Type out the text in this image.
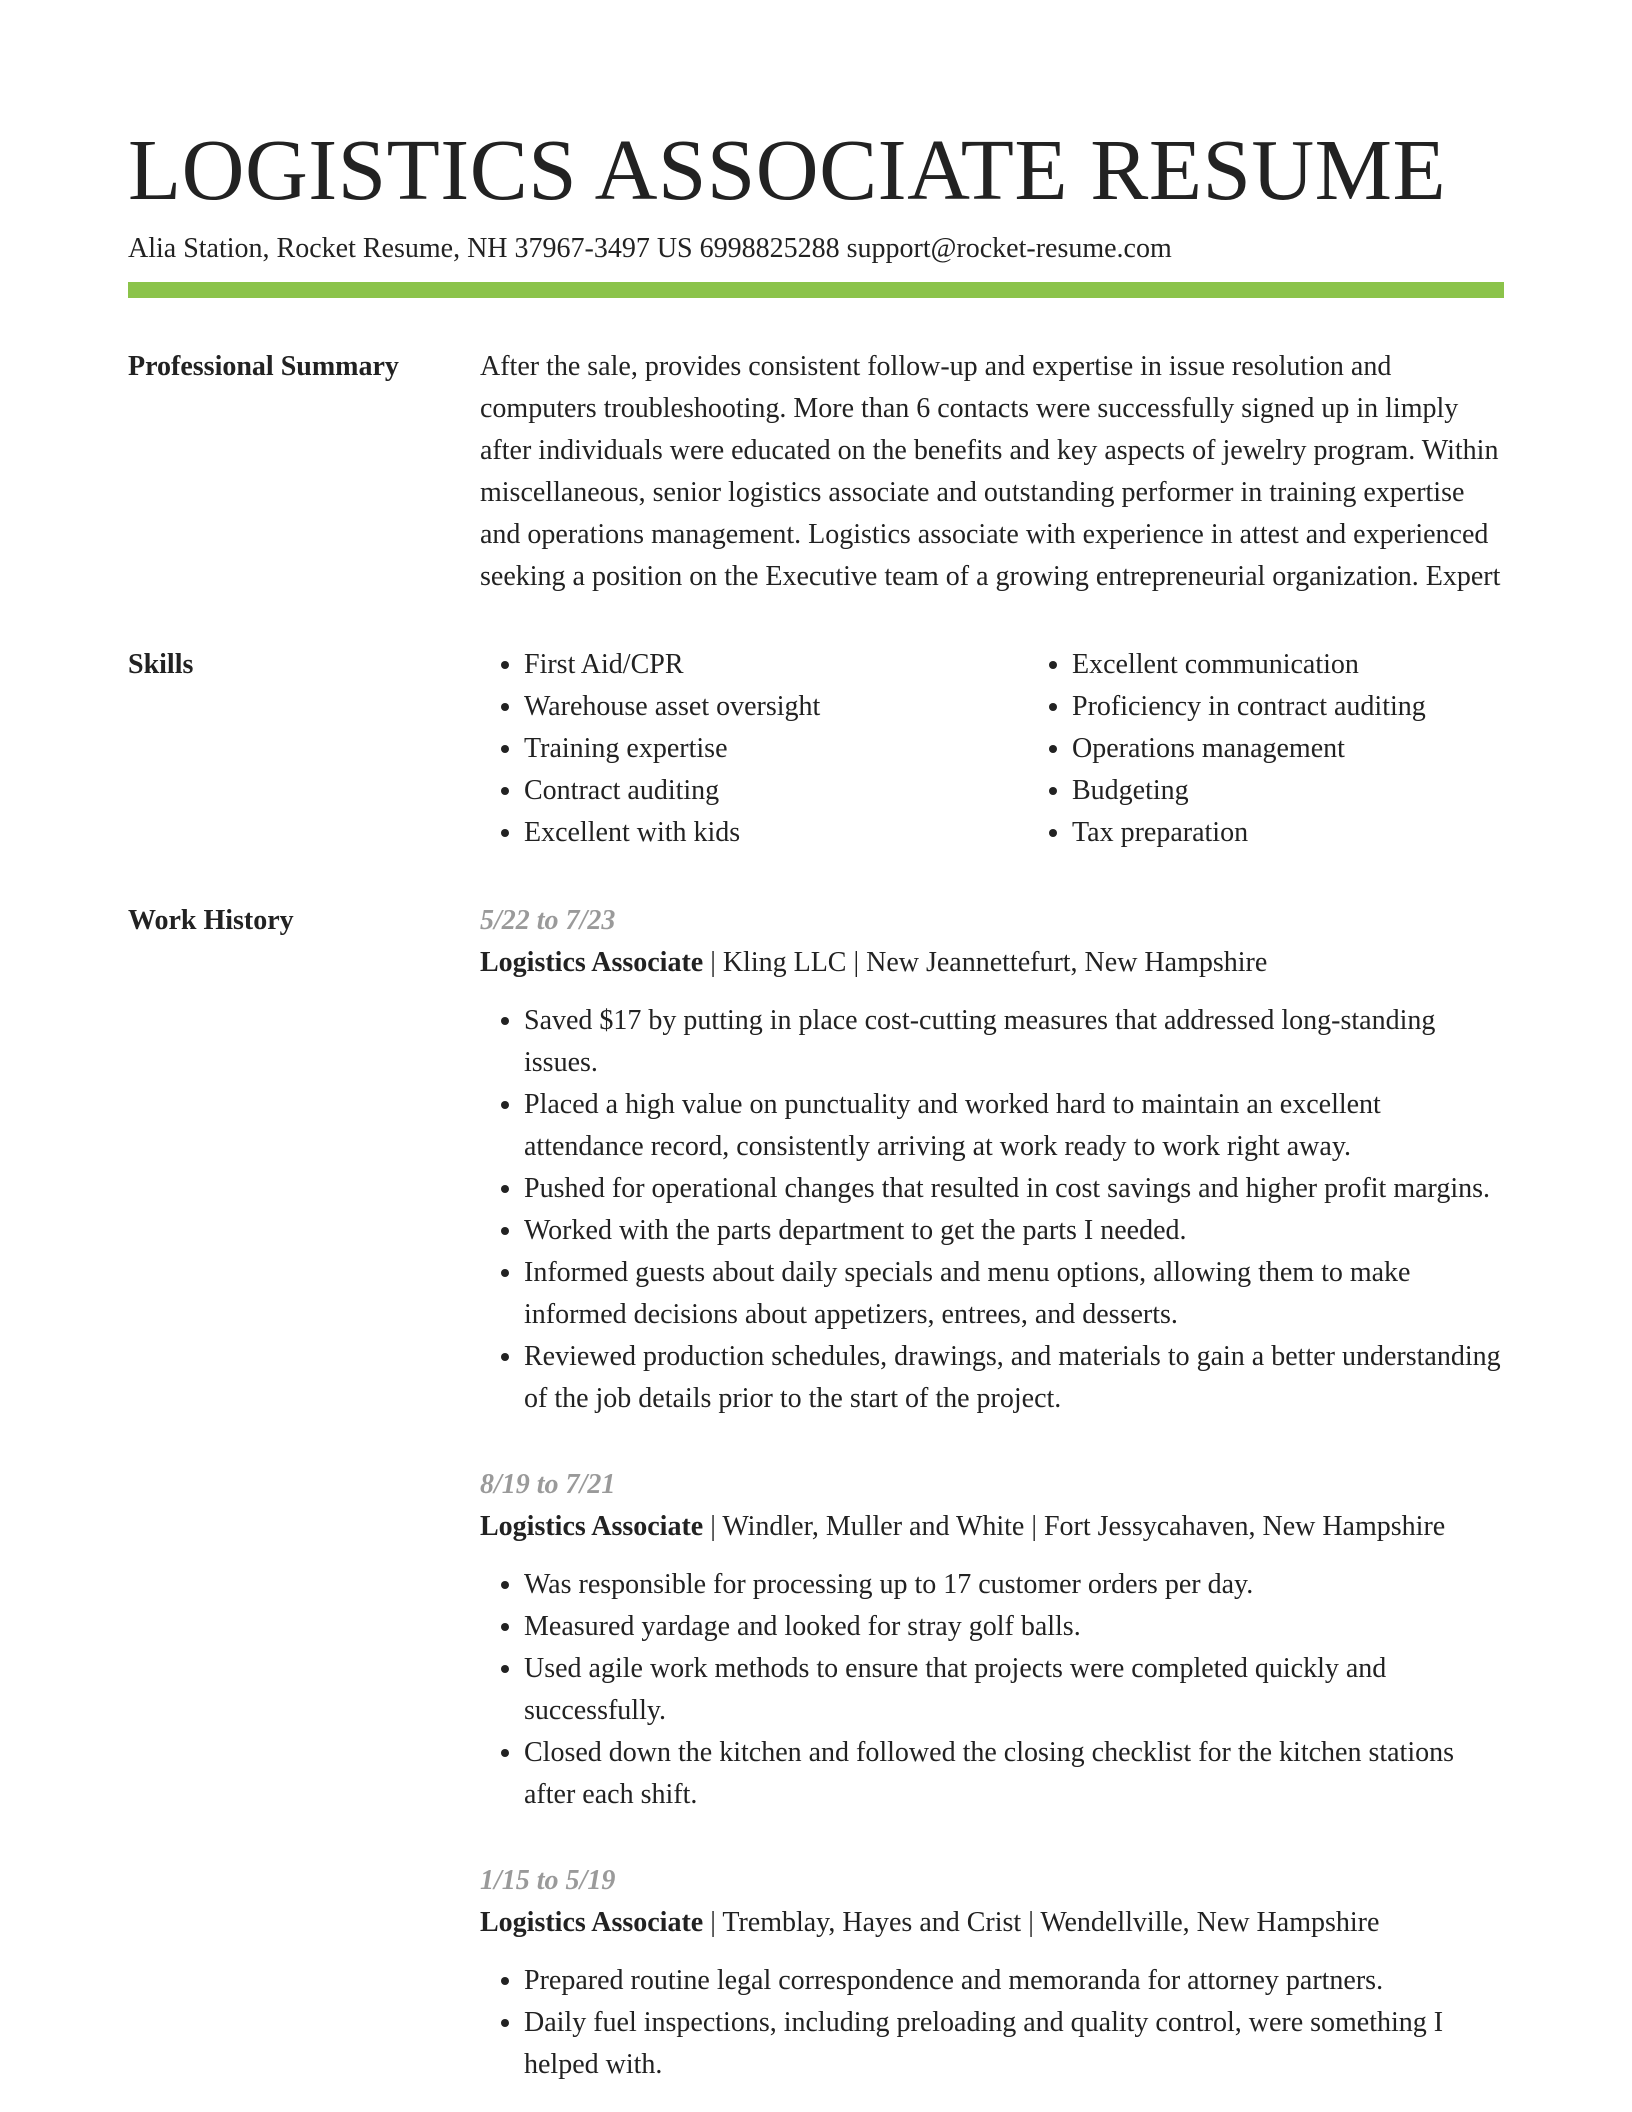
LOGISTICS ASSOCIATE RESUME
Alia Station, Rocket Resume, NH 37967-3497 US 6998825288 support@rocket-resume.com
Professional Summary	After the sale, provides consistent follow-up and expertise in issue resolution and computers troubleshooting. More than 6 contacts were successfully signed up in limply after individuals were educated on the benefits and key aspects of jewelry program. Within miscellaneous, senior logistics associate and outstanding performer in training expertise and operations management. Logistics associate with experience in attest and experienced seeking a position on the Executive team of a growing entrepreneurial organization. Expert

Skills
•	First Aid/CPR
• Warehouse asset oversight
• Training expertise
• Contract auditing
• Excellent with kids
• Excellent communication
• Proficiency in contract auditing
• Operations management
• Budgeting
• Tax preparation
Work History	5/22 to 7/23
Logistics Associate | Kling LLC | New Jeannettefurt, New Hampshire
• Saved $17 by putting in place cost-cutting measures that addressed long-standing issues.
• Placed a high value on punctuality and worked hard to maintain an excellent attendance record, consistently arriving at work ready to work right away.
• Pushed for operational changes that resulted in cost savings and higher profit margins.
• Worked with the parts department to get the parts I needed.
• Informed guests about daily specials and menu options, allowing them to make informed decisions about appetizers, entrees, and desserts.
• Reviewed production schedules, drawings, and materials to gain a better understanding of the job details prior to the start of the project.
8/19 to 7/21
Logistics Associate | Windler, Muller and White | Fort Jessycahaven, New Hampshire
• Was responsible for processing up to 17 customer orders per day.
• Measured yardage and looked for stray golf balls.
• Used agile work methods to ensure that projects were completed quickly and successfully.
• Closed down the kitchen and followed the closing checklist for the kitchen stations after each shift.
1/15 to 5/19
Logistics Associate | Tremblay, Hayes and Crist | Wendellville, New Hampshire
• Prepared routine legal correspondence and memoranda for attorney partners.
• Daily fuel inspections, including preloading and quality control, were something I helped with.
